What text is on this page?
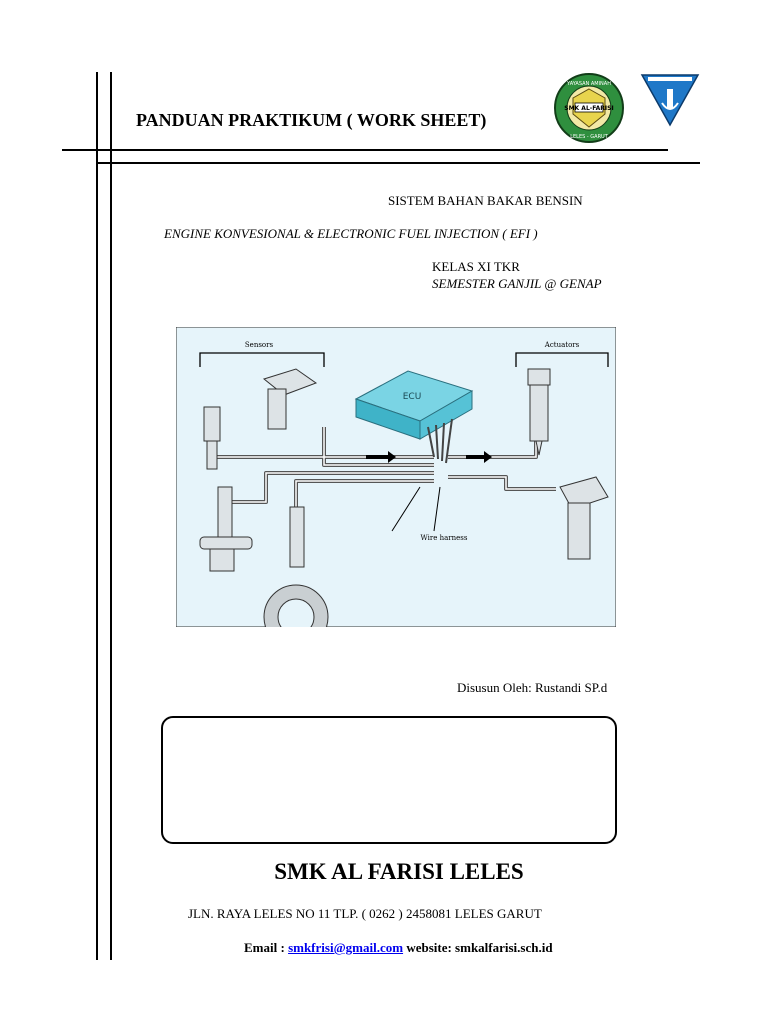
PANDUAN PRAKTIKUM ( WORK SHEET)
SMK AL-FARISI
YAYASAN AMINAH
LELES - GARUT
SISTEM BAHAN BAKAR BENSIN
ENGINE KONVESIONAL & ELECTRONIC FUEL INJECTION ( EFI )
KELAS XI TKR
SEMESTER GANJIL @ GENAP
Sensors	Actuators
ECU
Wire harness
Disusun Oleh: Rustandi SP.d
SMK AL FARISI LELES
JLN. RAYA LELES NO 11 TLP. ( 0262 ) 2458081 LELES GARUT
Email : smkfrisi@gmail.com website: smkalfarisi.sch.id
